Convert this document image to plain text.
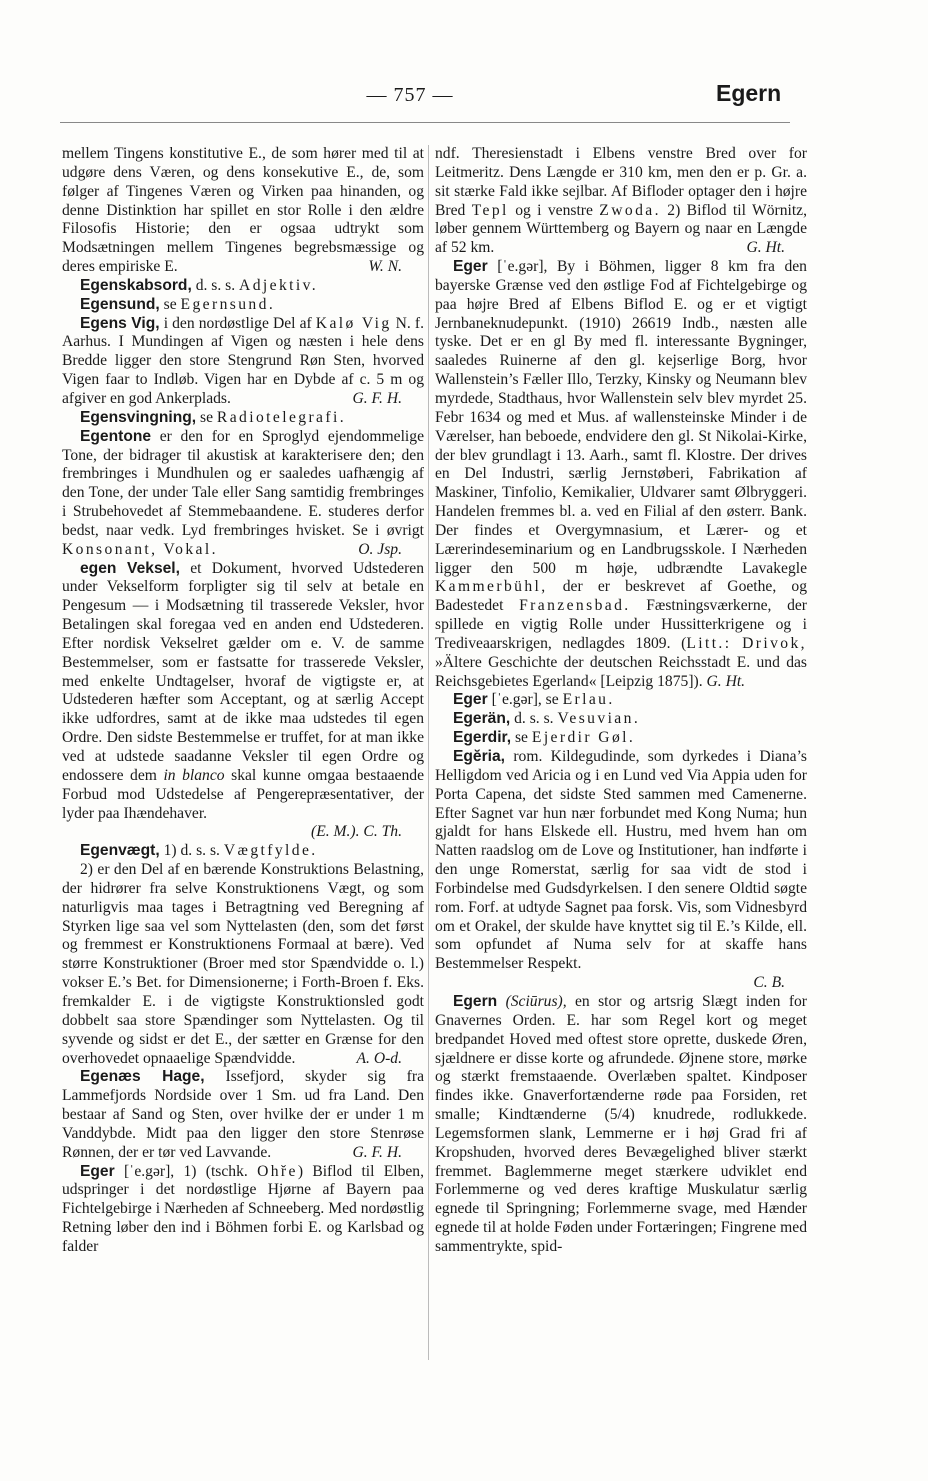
— 757 —	Egern

mellem Tingens konstitutive E., de som hører med til at udgøre dens Væren, og dens konsekutive E., de, som følger af Tingenes Væren og Virken paa hinanden, og denne Distinktion har spillet en stor Rolle i den ældre Filosofis Historie; den er ogsaa udtrykt som Modsætningen mellem Tingenes begrebsmæssige og deres empiriske E.	W. N.

Egenskabsord, d. s. s. Adjektiv.

Egensund, se Egernsund.

Egens Vig, i den nordøstlige Del af Kalø Vig N. f. Aarhus. I Mundingen af Vigen og næsten i hele dens Bredde ligger den store Stengrund Røn Sten, hvorved Vigen faar to Indløb. Vigen har en Dybde af c. 5 m og afgiver en god Ankerplads.	G. F. H.

Egensvingning, se Radiotelegrafi.

Egentone er den for en Sproglyd ejendommelige Tone, der bidrager til akustisk at karakterisere den; den frembringes i Mundhulen og er saaledes uafhængig af den Tone, der under Tale eller Sang samtidig frembringes i Strubehovedet af Stemmebaandene. E. studeres derfor bedst, naar vedk. Lyd frembringes hvisket. Se i øvrigt Konsonant, Vokal.	O. Jsp.

egen Veksel, et Dokument, hvorved Udstederen under Vekselform forpligter sig til selv at betale en Pengesum — i Modsætning til trasserede Veksler, hvor Betalingen skal foregaa ved en anden end Udstederen. Efter nordisk Vekselret gælder om e. V. de samme Bestemmelser, som er fastsatte for trasserede Veksler, med enkelte Undtagelser, hvoraf de vigtigste er, at Udstederen hæfter som Acceptant, og at særlig Accept ikke udfordres, samt at de ikke maa udstedes til egen Ordre. Den sidste Bestemmelse er truffet, for at man ikke ved at udstede saadanne Veksler til egen Ordre og endossere dem in blanco skal kunne omgaa bestaaende Forbud mod Udstedelse af Pengerepræsentativer, der lyder paa Ihændehaver.

(E. M.). C. Th.

Egenvægt, 1) d. s. s. Vægtfylde.

2) er den Del af en bærende Konstruktions Belastning, der hidrører fra selve Konstruktionens Vægt, og som naturligvis maa tages i Betragtning ved Beregning af Styrken lige saa vel som Nyttelasten (den, som det først og fremmest er Konstruktionens Formaal at bære). Ved større Konstruktioner (Broer med stor Spændvidde o. l.) vokser E.’s Bet. for Dimensionerne; i Forth-Broen f. Eks. fremkalder E. i de vigtigste Konstruktionsled godt dobbelt saa store Spændinger som Nyttelasten. Og til syvende og sidst er det E., der sætter en Grænse for den overhovedet opnaaelige Spændvidde.	A. O-d.

Egenæs Hage, Issefjord, skyder sig fra Lammefjords Nordside over 1 Sm. ud fra Land. Den bestaar af Sand og Sten, over hvilke der er under 1 m Vanddybde. Midt paa den ligger den store Stenrøse Rønnen, der er tør ved Lavvande.	G. F. H.

Eger [ˈe.gər], 1) (tschk. Ohře) Biflod til Elben, udspringer i det nordøstlige Hjørne af Bayern paa Fichtelgebirge i Nærheden af Schneeberg. Med nordøstlig Retning løber den ind i Böhmen forbi E. og Karlsbad og falder

ndf. Theresienstadt i Elbens venstre Bred over for Leitmeritz. Dens Længde er 310 km, men den er p. Gr. a. sit stærke Fald ikke sejlbar. Af Bifloder optager den i højre Bred Tepl og i venstre Zwoda. 2) Biflod til Wörnitz, løber gennem Württemberg og Bayern og naar en Længde af 52 km.	G. Ht.

Eger [ˈe.gər], By i Böhmen, ligger 8 km fra den bayerske Grænse ved den østlige Fod af Fichtelgebirge og paa højre Bred af Elbens Biflod E. og er et vigtigt Jernbaneknudepunkt. (1910) 26619 Indb., næsten alle tyske. Det er en gl By med fl. interessante Bygninger, saaledes Ruinerne af den gl. kejserlige Borg, hvor Wallenstein’s Fæller Illo, Terzky, Kinsky og Neumann blev myrdede, Stadthaus, hvor Wallenstein selv blev myrdet 25. Febr 1634 og med et Mus. af wallensteinske Minder i de Værelser, han beboede, endvidere den gl. St Nikolai-Kirke, der blev grundlagt i 13. Aarh., samt fl. Klostre. Der drives en Del Industri, særlig Jernstøberi, Fabrikation af Maskiner, Tinfolio, Kemikalier, Uldvarer samt Ølbryggeri. Handelen fremmes bl. a. ved en Filial af den østerr. Bank. Der findes et Overgymnasium, et Lærer- og et Lærerindeseminarium og en Landbrugsskole. I Nærheden ligger den 500 m høje, udbrændte Lavakegle Kammerbühl, der er beskrevet af Goethe, og Badestedet Franzensbad. Fæstningsværkerne, der spillede en vigtig Rolle under Hussitterkrigene og i Trediveaarskrigen, nedlagdes 1809. (Litt.: Drivok, »Ältere Geschichte der deutschen Reichsstadt E. und das Reichsgebietes Egerland« [Leipzig 1875]). G. Ht.

Eger [ˈe.gər], se Erlau.

Egerän, d. s. s. Vesuvian.

Egerdir, se Ejerdir Gøl.

Egĕria, rom. Kildegudinde, som dyrkedes i Diana’s Helligdom ved Aricia og i en Lund ved Via Appia uden for Porta Capena, det sidste Sted sammen med Camenerne. Efter Sagnet var hun nær forbundet med Kong Numa; hun gjaldt for hans Elskede ell. Hustru, med hvem han om Natten raadslog om de Love og Institutioner, han indførte i den unge Romerstat, særlig for saa vidt de stod i Forbindelse med Gudsdyrkelsen. I den senere Oldtid søgte rom. Forf. at udtyde Sagnet paa forsk. Vis, som Vidnesbyrd om et Orakel, der skulde have knyttet sig til E.’s Kilde, ell. som opfundet af Numa selv for at skaffe hans Bestemmelser Respekt.

C. B.

Egern (Sciūrus), en stor og artsrig Slægt inden for Gnavernes Orden. E. har som Regel kort og meget bredpandet Hoved med oftest store oprette, duskede Øren, sjældnere er disse korte og afrundede. Øjnene store, mørke og stærkt fremstaaende. Overlæben spaltet. Kindposer findes ikke. Gnaverfortænderne røde paa Forsiden, ret smalle; Kindtænderne (5/4) knudrede, rodlukkede. Legemsformen slank, Lemmerne er i høj Grad fri af Kropshuden, hvorved deres Bevægelighed bliver stærkt fremmet. Baglemmerne meget stærkere udviklet end Forlemmerne og ved deres kraftige Muskulatur særlig egnede til Springning; Forlemmerne svage, med Hænder egnede til at holde Føden under Fortæringen; Fingrene med sammentrykte, spid-
